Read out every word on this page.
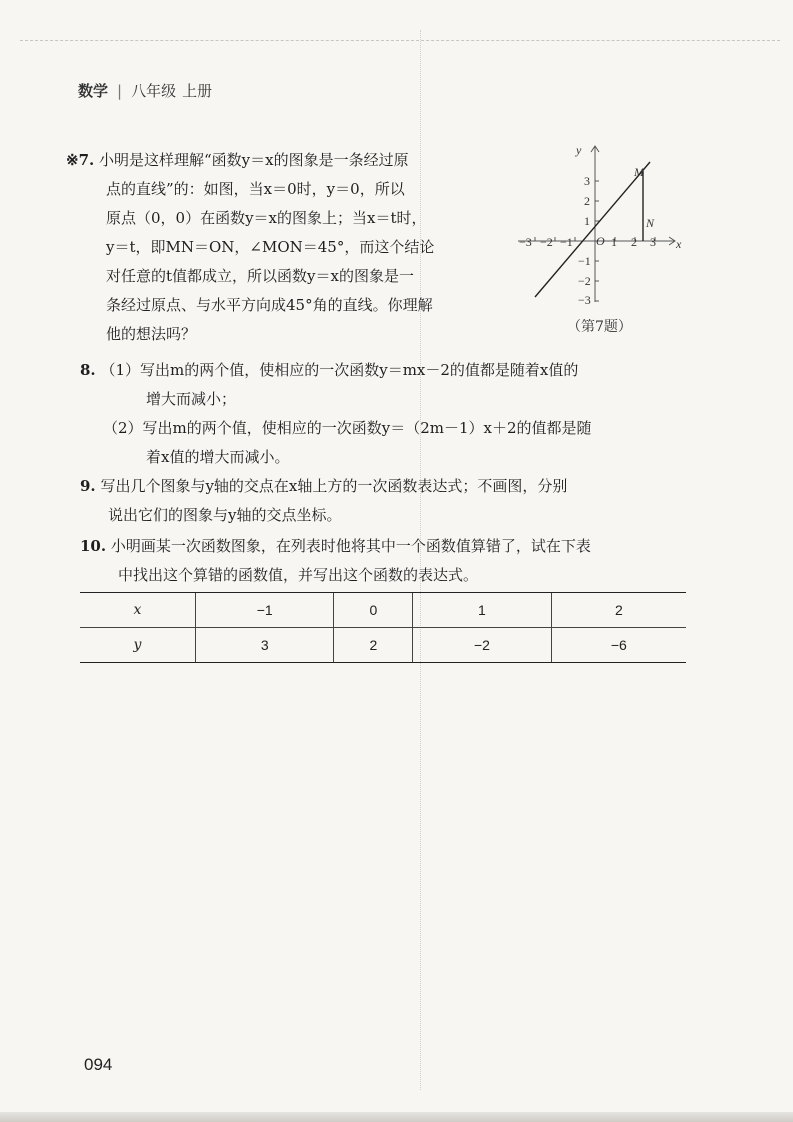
数学 | 八年级 上册
※7. 小明是这样理解“函数y＝x的图象是一条经过原
点的直线”的：如图，当x＝0时，y＝0，所以
原点（0，0）在函数y＝x的图象上；当x＝t时，
y＝t，即MN＝ON，∠MON＝45°，而这个结论
对任意的t值都成立，所以函数y＝x的图象是一
条经过原点、与水平方向成45°角的直线。你理解
他的想法吗？
y
x
M
N
O
−3 −2 −1	1 2 3
3
2
1
−1
−2
−3
（第7题）
8. （1）写出m的两个值，使相应的一次函数y＝mx－2的值都是随着x值的
增大而减小；
（2）写出m的两个值，使相应的一次函数y＝（2m－1）x＋2的值都是随
着x值的增大而减小。
9. 写出几个图象与y轴的交点在x轴上方的一次函数表达式；不画图，分别
说出它们的图象与y轴的交点坐标。
10. 小明画某一次函数图象，在列表时他将其中一个函数值算错了，试在下表
中找出这个算错的函数值，并写出这个函数的表达式。
x	−1	0	1	2
y	3	2	−2	−6
094
